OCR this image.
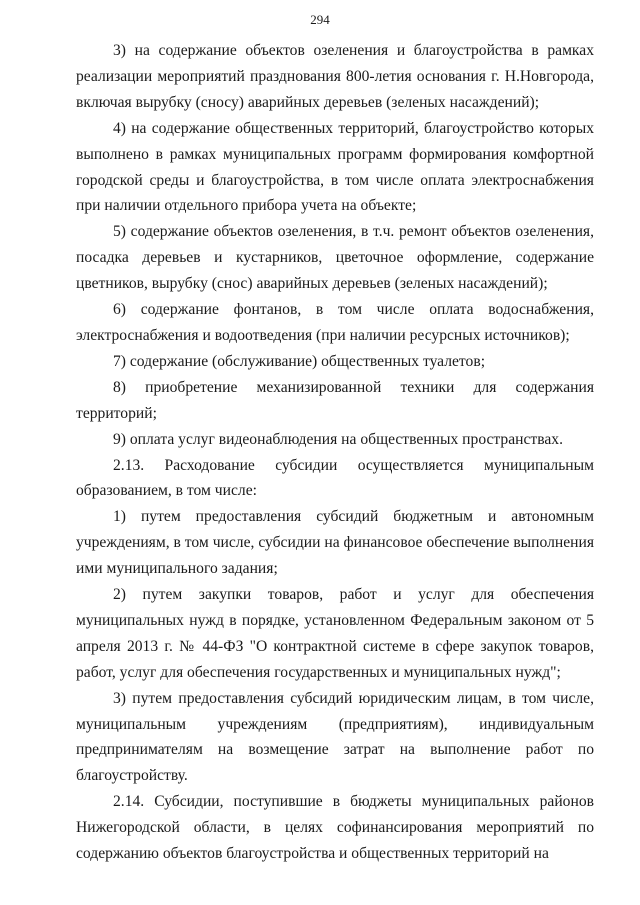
294

3) на содержание объектов озеленения и благоустройства в рамках реализации мероприятий празднования 800-летия основания г. Н.Новгорода, включая вырубку (сносу) аварийных деревьев (зеленых насаждений);

4) на содержание общественных территорий, благоустройство которых выполнено в рамках муниципальных программ формирования комфортной городской среды и благоустройства, в том числе оплата электроснабжения при наличии отдельного прибора учета на объекте;

5) содержание объектов озеленения, в т.ч. ремонт объектов озеленения, посадка деревьев и кустарников, цветочное оформление, содержание цветников, вырубку (снос) аварийных деревьев (зеленых насаждений);

6) содержание фонтанов, в том числе оплата водоснабжения, электроснабжения и водоотведения (при наличии ресурсных источников);

7) содержание (обслуживание) общественных туалетов;

8) приобретение механизированной техники для содержания территорий;

9) оплата услуг видеонаблюдения на общественных пространствах.

2.13. Расходование субсидии осуществляется муниципальным образованием, в том числе:

1) путем предоставления субсидий бюджетным и автономным учреждениям, в том числе, субсидии на финансовое обеспечение выполнения ими муниципального задания;

2) путем закупки товаров, работ и услуг для обеспечения муниципальных нужд в порядке, установленном Федеральным законом от 5 апреля 2013 г. № 44-ФЗ "О контрактной системе в сфере закупок товаров, работ, услуг для обеспечения государственных и муниципальных нужд";

3) путем предоставления субсидий юридическим лицам, в том числе, муниципальным учреждениям (предприятиям), индивидуальным предпринимателям на возмещение затрат на выполнение работ по благоустройству.

2.14. Субсидии, поступившие в бюджеты муниципальных районов Нижегородской области, в целях софинансирования мероприятий по содержанию объектов благоустройства и общественных территорий на
